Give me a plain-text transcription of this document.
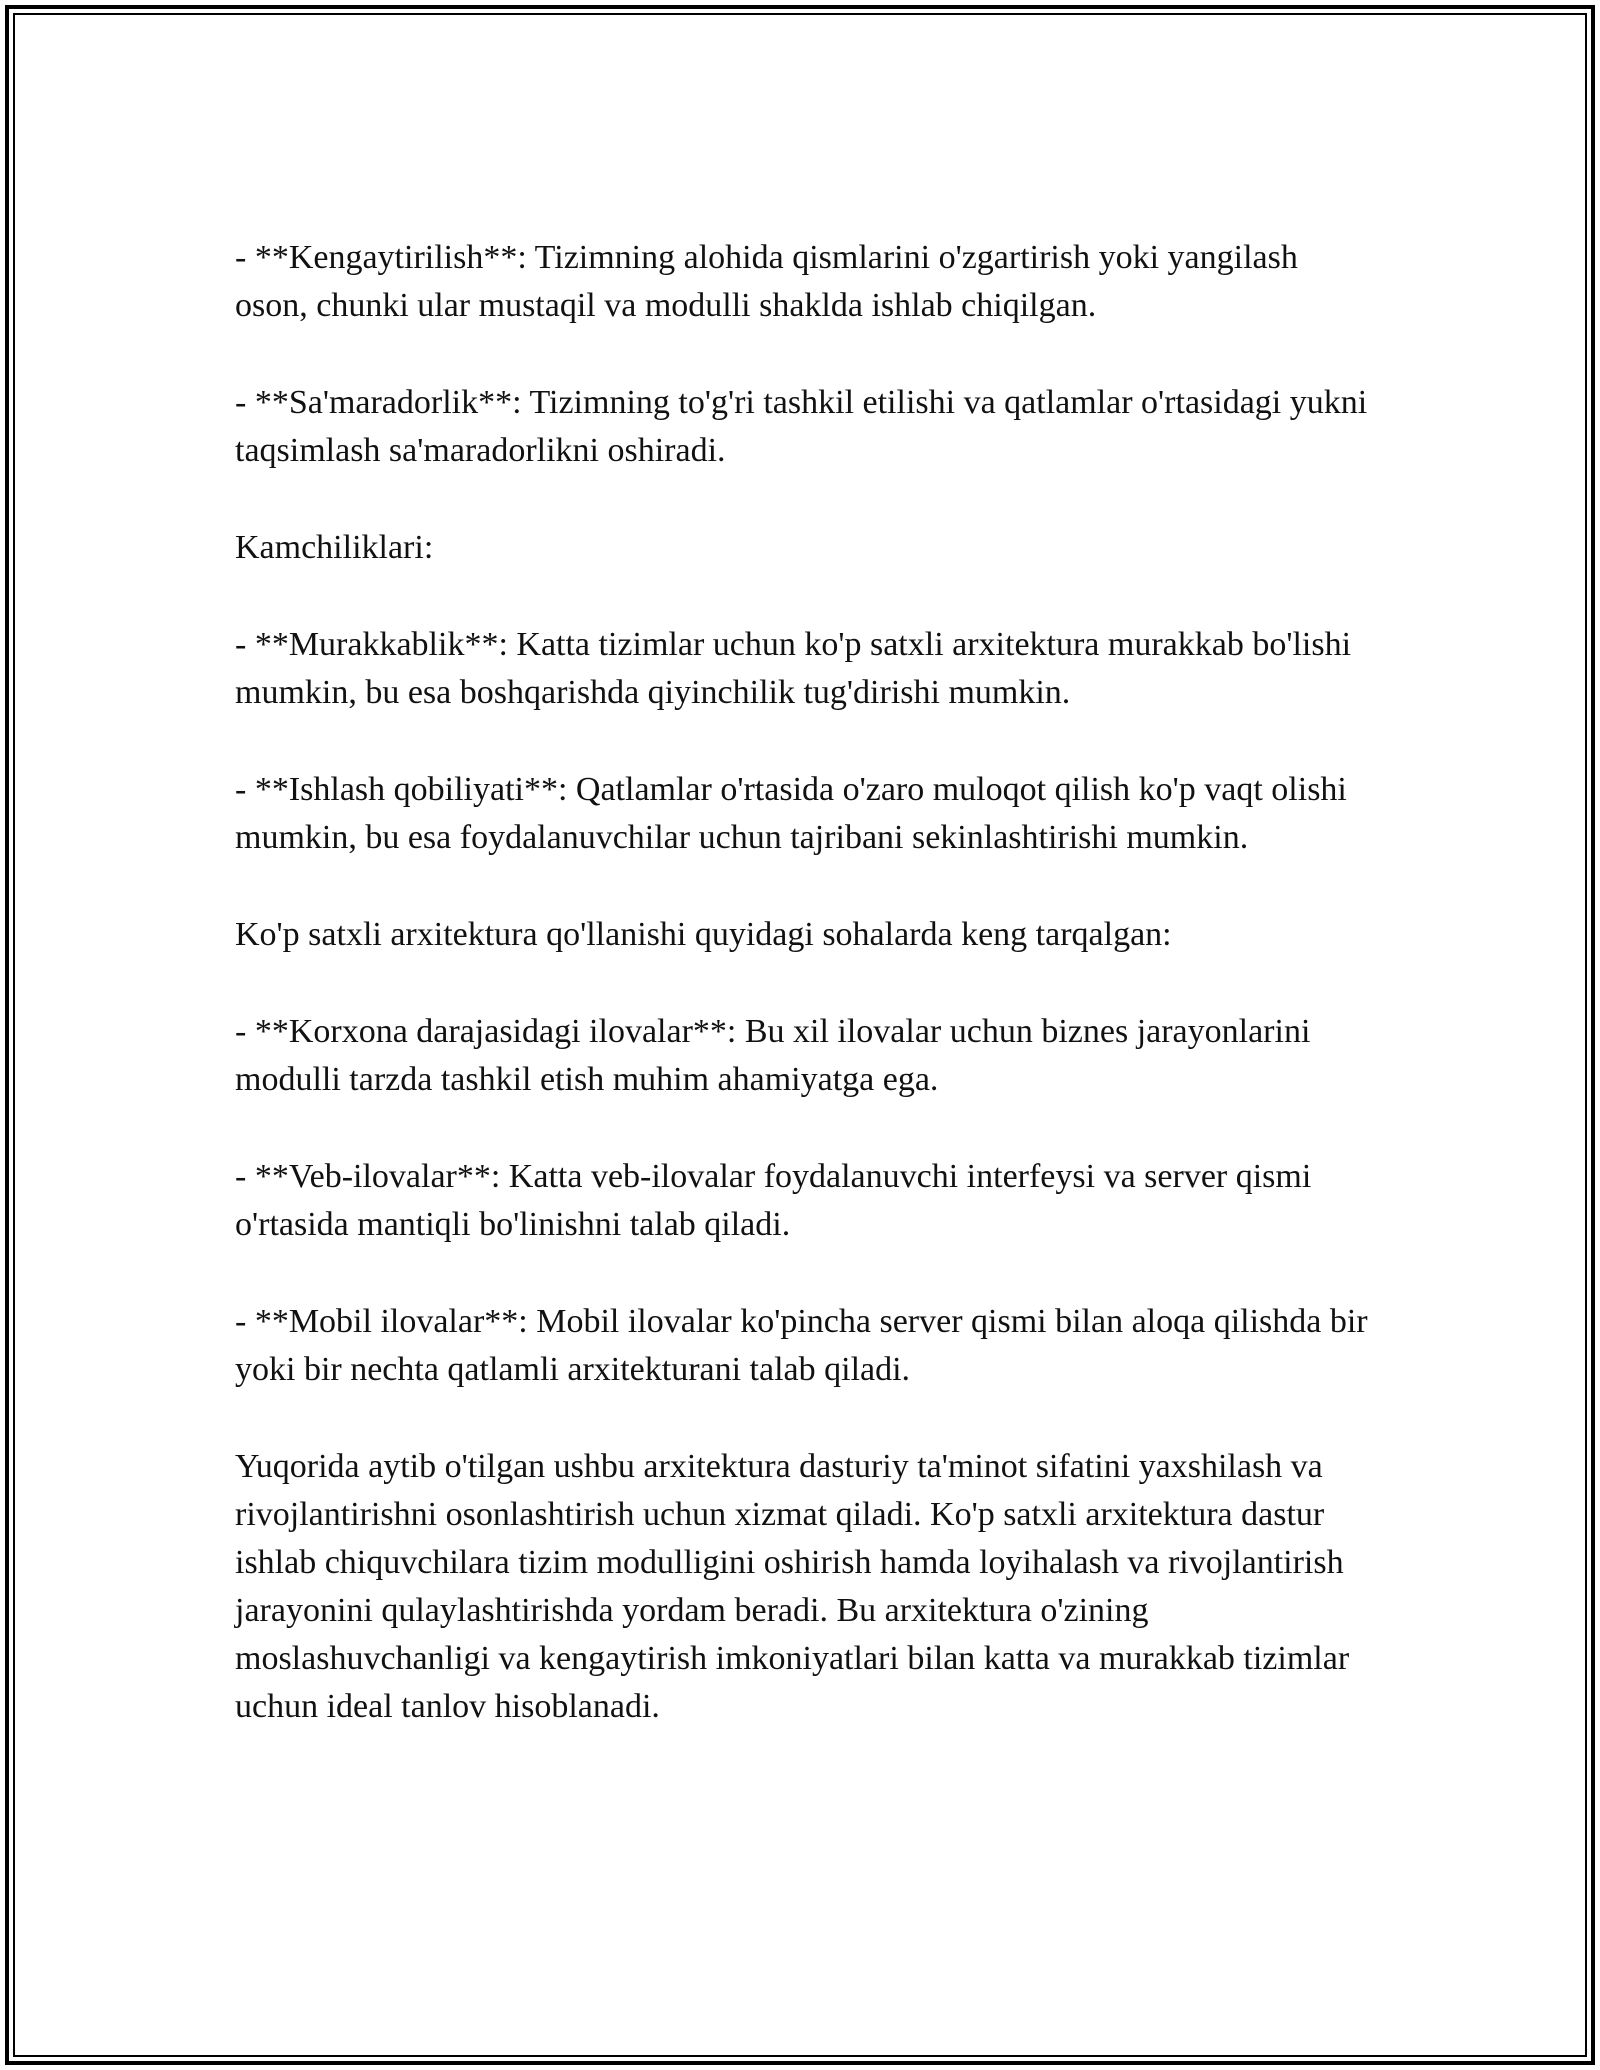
- **Kengaytirilish**: Tizimning alohida qismlarini o'zgartirish yoki yangilash oson, chunki ular mustaqil va modulli shakldа ishlab chiqilgan.

- **Sa'maradorlik**: Tizimning to'g'ri tashkil etilishi va qatlamlar o'rtasidagi yukni taqsimlash sa'maradorlikni oshiradi.

Kamchiliklari:

- **Murakkablik**: Katta tizimlar uchun ko'p satxli arxitektura murakkab bo'lishi mumkin, bu esa boshqarishda qiyinchilik tug'dirishi mumkin.

- **Ishlash qobiliyati**: Qatlamlar o'rtasida o'zaro muloqot qilish ko'p vaqt olishi mumkin, bu esa foydalanuvchilar uchun tajribani sekinlashtirishi mumkin.

Ko'p satxli arxitektura qo'llanishi quyidagi sohalarda keng tarqalgan:

- **Korxona darajasidagi ilovalar**: Bu xil ilovalar uchun biznes jarayonlarini modulli tarzda tashkil etish muhim ahamiyatga ega.

- **Veb-ilovalar**: Katta veb-ilovalar foydalanuvchi interfeysi va server qismi o'rtasida mantiqli bo'linishni talab qiladi.

- **Mobil ilovalar**: Mobil ilovalar ko'pincha server qismi bilan aloqa qilishda bir yoki bir nechta qatlamli arxitekturani talab qiladi.

Yuqorida aytib o'tilgan ushbu arxitektura dasturiy ta'minot sifatini yaxshilash va rivojlantirishni osonlashtirish uchun xizmat qiladi. Ko'p satxli arxitektura dastur ishlab chiquvchilara tizim modulligini oshirish hamda loyihalash va rivojlantirish jarayonini qulaylashtirishda yordam beradi. Bu arxitektura o'zining moslashuvchanligi va kengaytirish imkoniyatlari bilan katta va murakkab tizimlar uchun ideal tanlov hisoblanadi.
